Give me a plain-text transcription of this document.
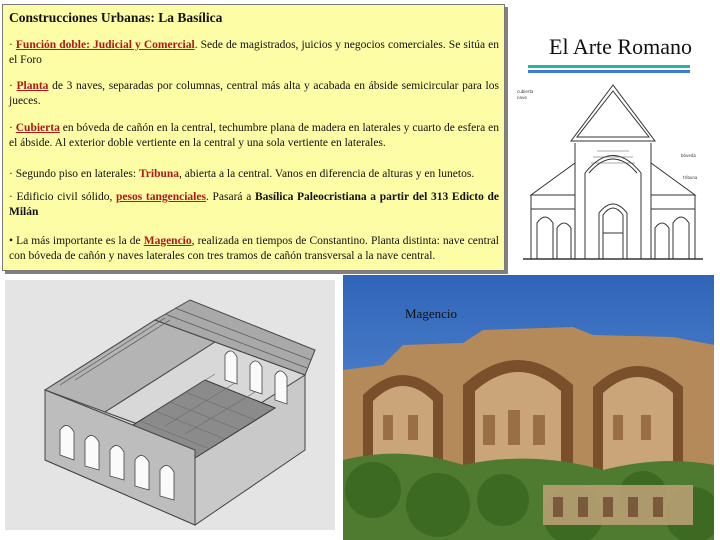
Construcciones Urbanas: La Basílica
· Función doble: Judicial y Comercial. Sede de magistrados, juicios y negocios comerciales. Se sitúa en el Foro
· Planta de 3 naves, separadas por columnas, central más alta y acabada en ábside semicircular para los jueces.
· Cubierta en bóveda de cañón en la central, techumbre plana de madera en laterales y cuarto de esfera en el ábside. Al exterior doble vertiente en la central y una sola vertiente en laterales.
· Segundo piso en laterales: Tribuna, abierta a la central. Vanos en diferencia de alturas y en lunetos.
· Edificio civil sólido, pesos tangenciales. Pasará a Basílica Paleocristiana a partir del 313 Edicto de Milán
• La más importante es la de Magencio, realizada en tiempos de Constantino. Planta distinta: nave central con bóveda de cañón y naves laterales con tres tramos de cañón transversal a la nave central.
El Arte Romano
cubierta
nave
bóveda
tribuna
Magencio
